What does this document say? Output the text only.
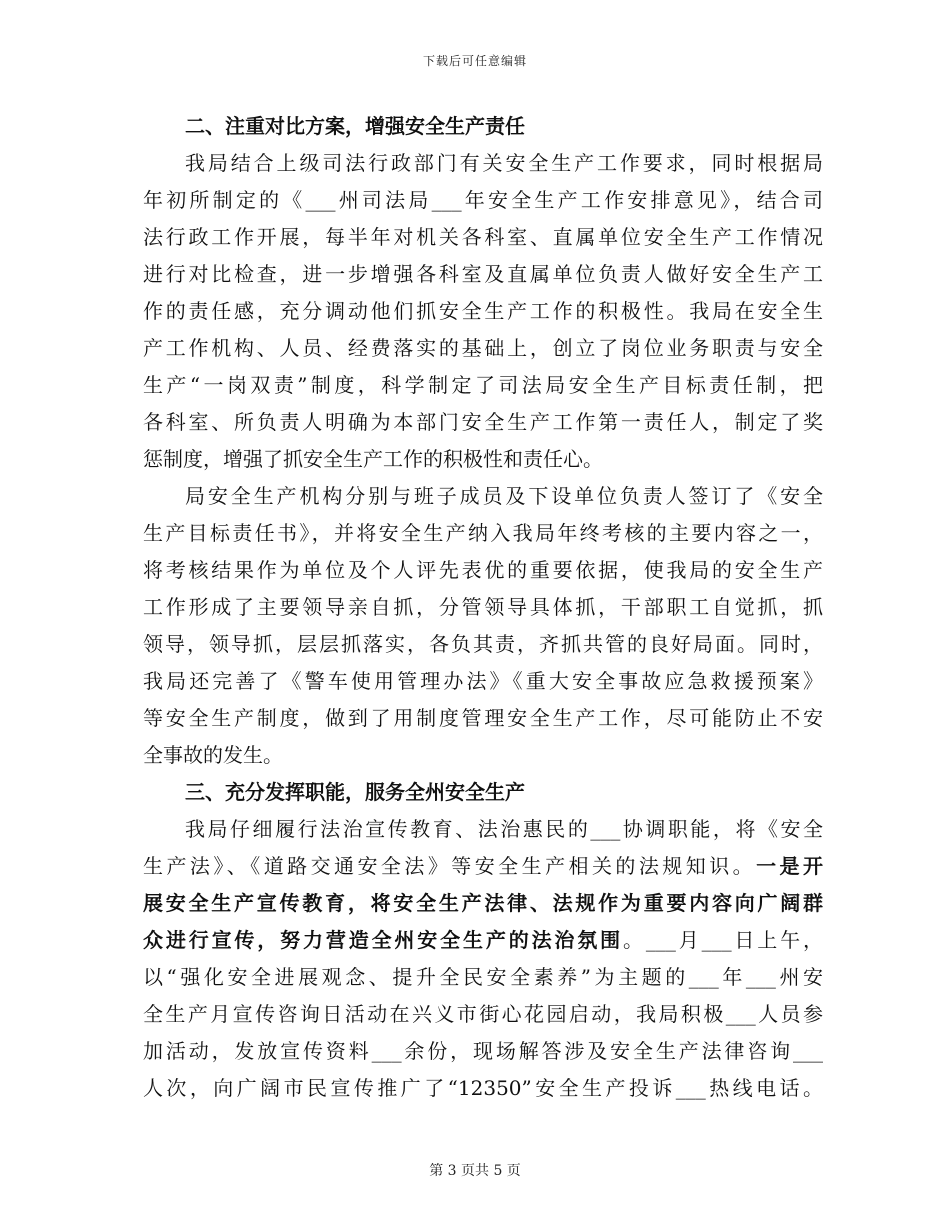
下载后可任意编辑
二、注重对比方案，增强安全生产责任
我局结合上级司法行政部门有关安全生产工作要求，同时根据局
年初所制定的《___州司法局___年安全生产工作安排意见》，结合司
法行政工作开展，每半年对机关各科室、直属单位安全生产工作情况
进行对比检查，进一步增强各科室及直属单位负责人做好安全生产工
作的责任感，充分调动他们抓安全生产工作的积极性。我局在安全生
产工作机构、人员、经费落实的基础上，创立了岗位业务职责与安全
生产“一岗双责”制度，科学制定了司法局安全生产目标责任制，把
各科室、所负责人明确为本部门安全生产工作第一责任人，制定了奖
惩制度，增强了抓安全生产工作的积极性和责任心。
局安全生产机构分别与班子成员及下设单位负责人签订了《安全
生产目标责任书》，并将安全生产纳入我局年终考核的主要内容之一，
将考核结果作为单位及个人评先表优的重要依据，使我局的安全生产
工作形成了主要领导亲自抓，分管领导具体抓，干部职工自觉抓，抓
领导，领导抓，层层抓落实，各负其责，齐抓共管的良好局面。同时，
我局还完善了《警车使用管理办法》《重大安全事故应急救援预案》
等安全生产制度，做到了用制度管理安全生产工作，尽可能防止不安
全事故的发生。
三、充分发挥职能，服务全州安全生产
我局仔细履行法治宣传教育、法治惠民的___协调职能，将《安全
生产法》、《道路交通安全法》等安全生产相关的法规知识。一是开
展安全生产宣传教育，将安全生产法律、法规作为重要内容向广阔群
众进行宣传，努力营造全州安全生产的法治氛围。___月___日上午，
以“强化安全进展观念、提升全民安全素养”为主题的___年___州安
全生产月宣传咨询日活动在兴义市街心花园启动，我局积极___人员参
加活动，发放宣传资料___余份，现场解答涉及安全生产法律咨询___
人次，向广阔市民宣传推广了“12350”安全生产投诉___热线电话。
第 3 页共 5 页
